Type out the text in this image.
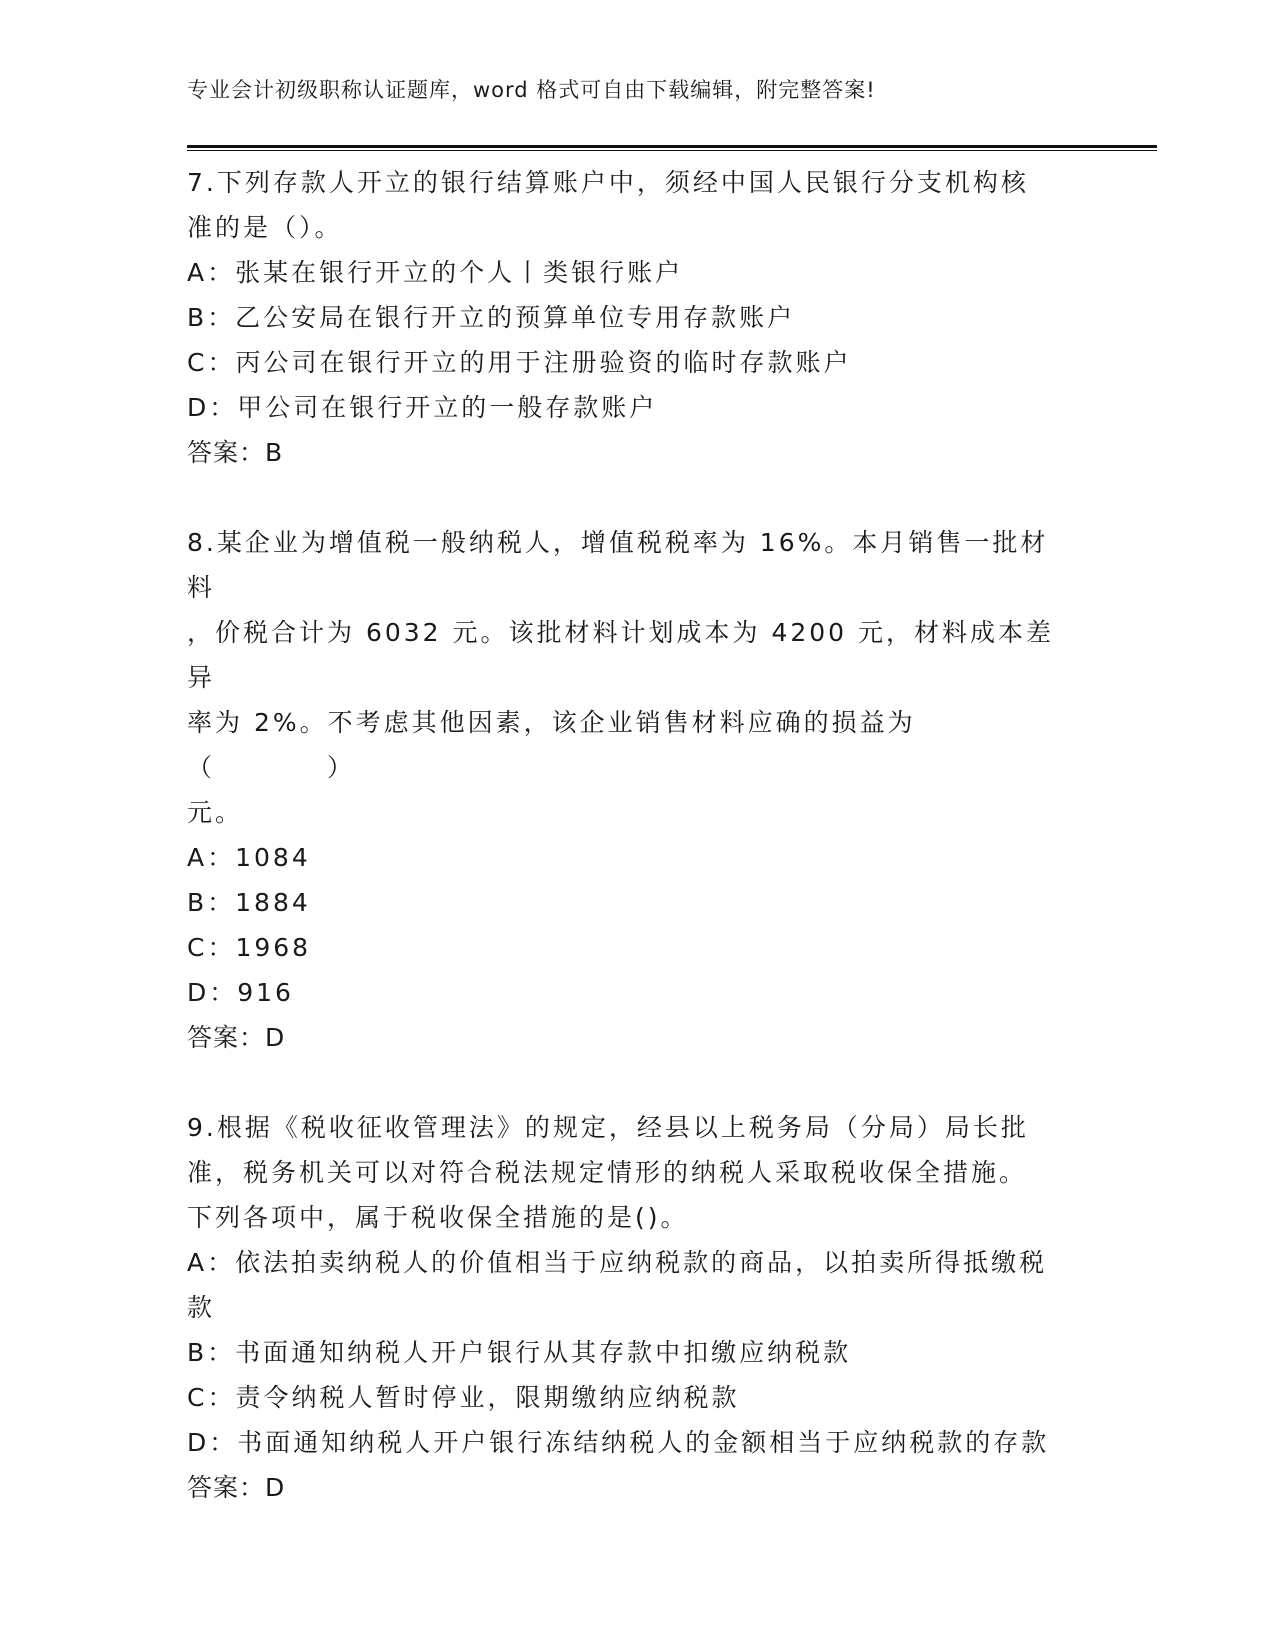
专业会计初级职称认证题库，word 格式可自由下载编辑，附完整答案!

7.下列存款人开立的银行结算账户中，须经中国人民银行分支机构核

准的是（）。

A：张某在银行开立的个人丨类银行账户

B：乙公安局在银行开立的预算单位专用存款账户

C：丙公司在银行开立的用于注册验资的临时存款账户

D：甲公司在银行开立的一般存款账户

答案：B

8.某企业为增值税一般纳税人，增值税税率为 16%。本月销售一批材料

，价税合计为 6032 元。该批材料计划成本为 4200 元，材料成本差异

率为 2%。不考虑其他因素，该企业销售材料应确的损益为（　　　　）

元。

A：1084

B：1884

C：1968

D：916

答案：D

9.根据《税收征收管理法》的规定，经县以上税务局（分局）局长批

准，税务机关可以对符合税法规定情形的纳税人采取税收保全措施。

下列各项中，属于税收保全措施的是()。

A：依法拍卖纳税人的价值相当于应纳税款的商品，以拍卖所得抵缴税

款

B：书面通知纳税人开户银行从其存款中扣缴应纳税款

C：责令纳税人暂时停业，限期缴纳应纳税款

D：书面通知纳税人开户银行冻结纳税人的金额相当于应纳税款的存款

答案：D
